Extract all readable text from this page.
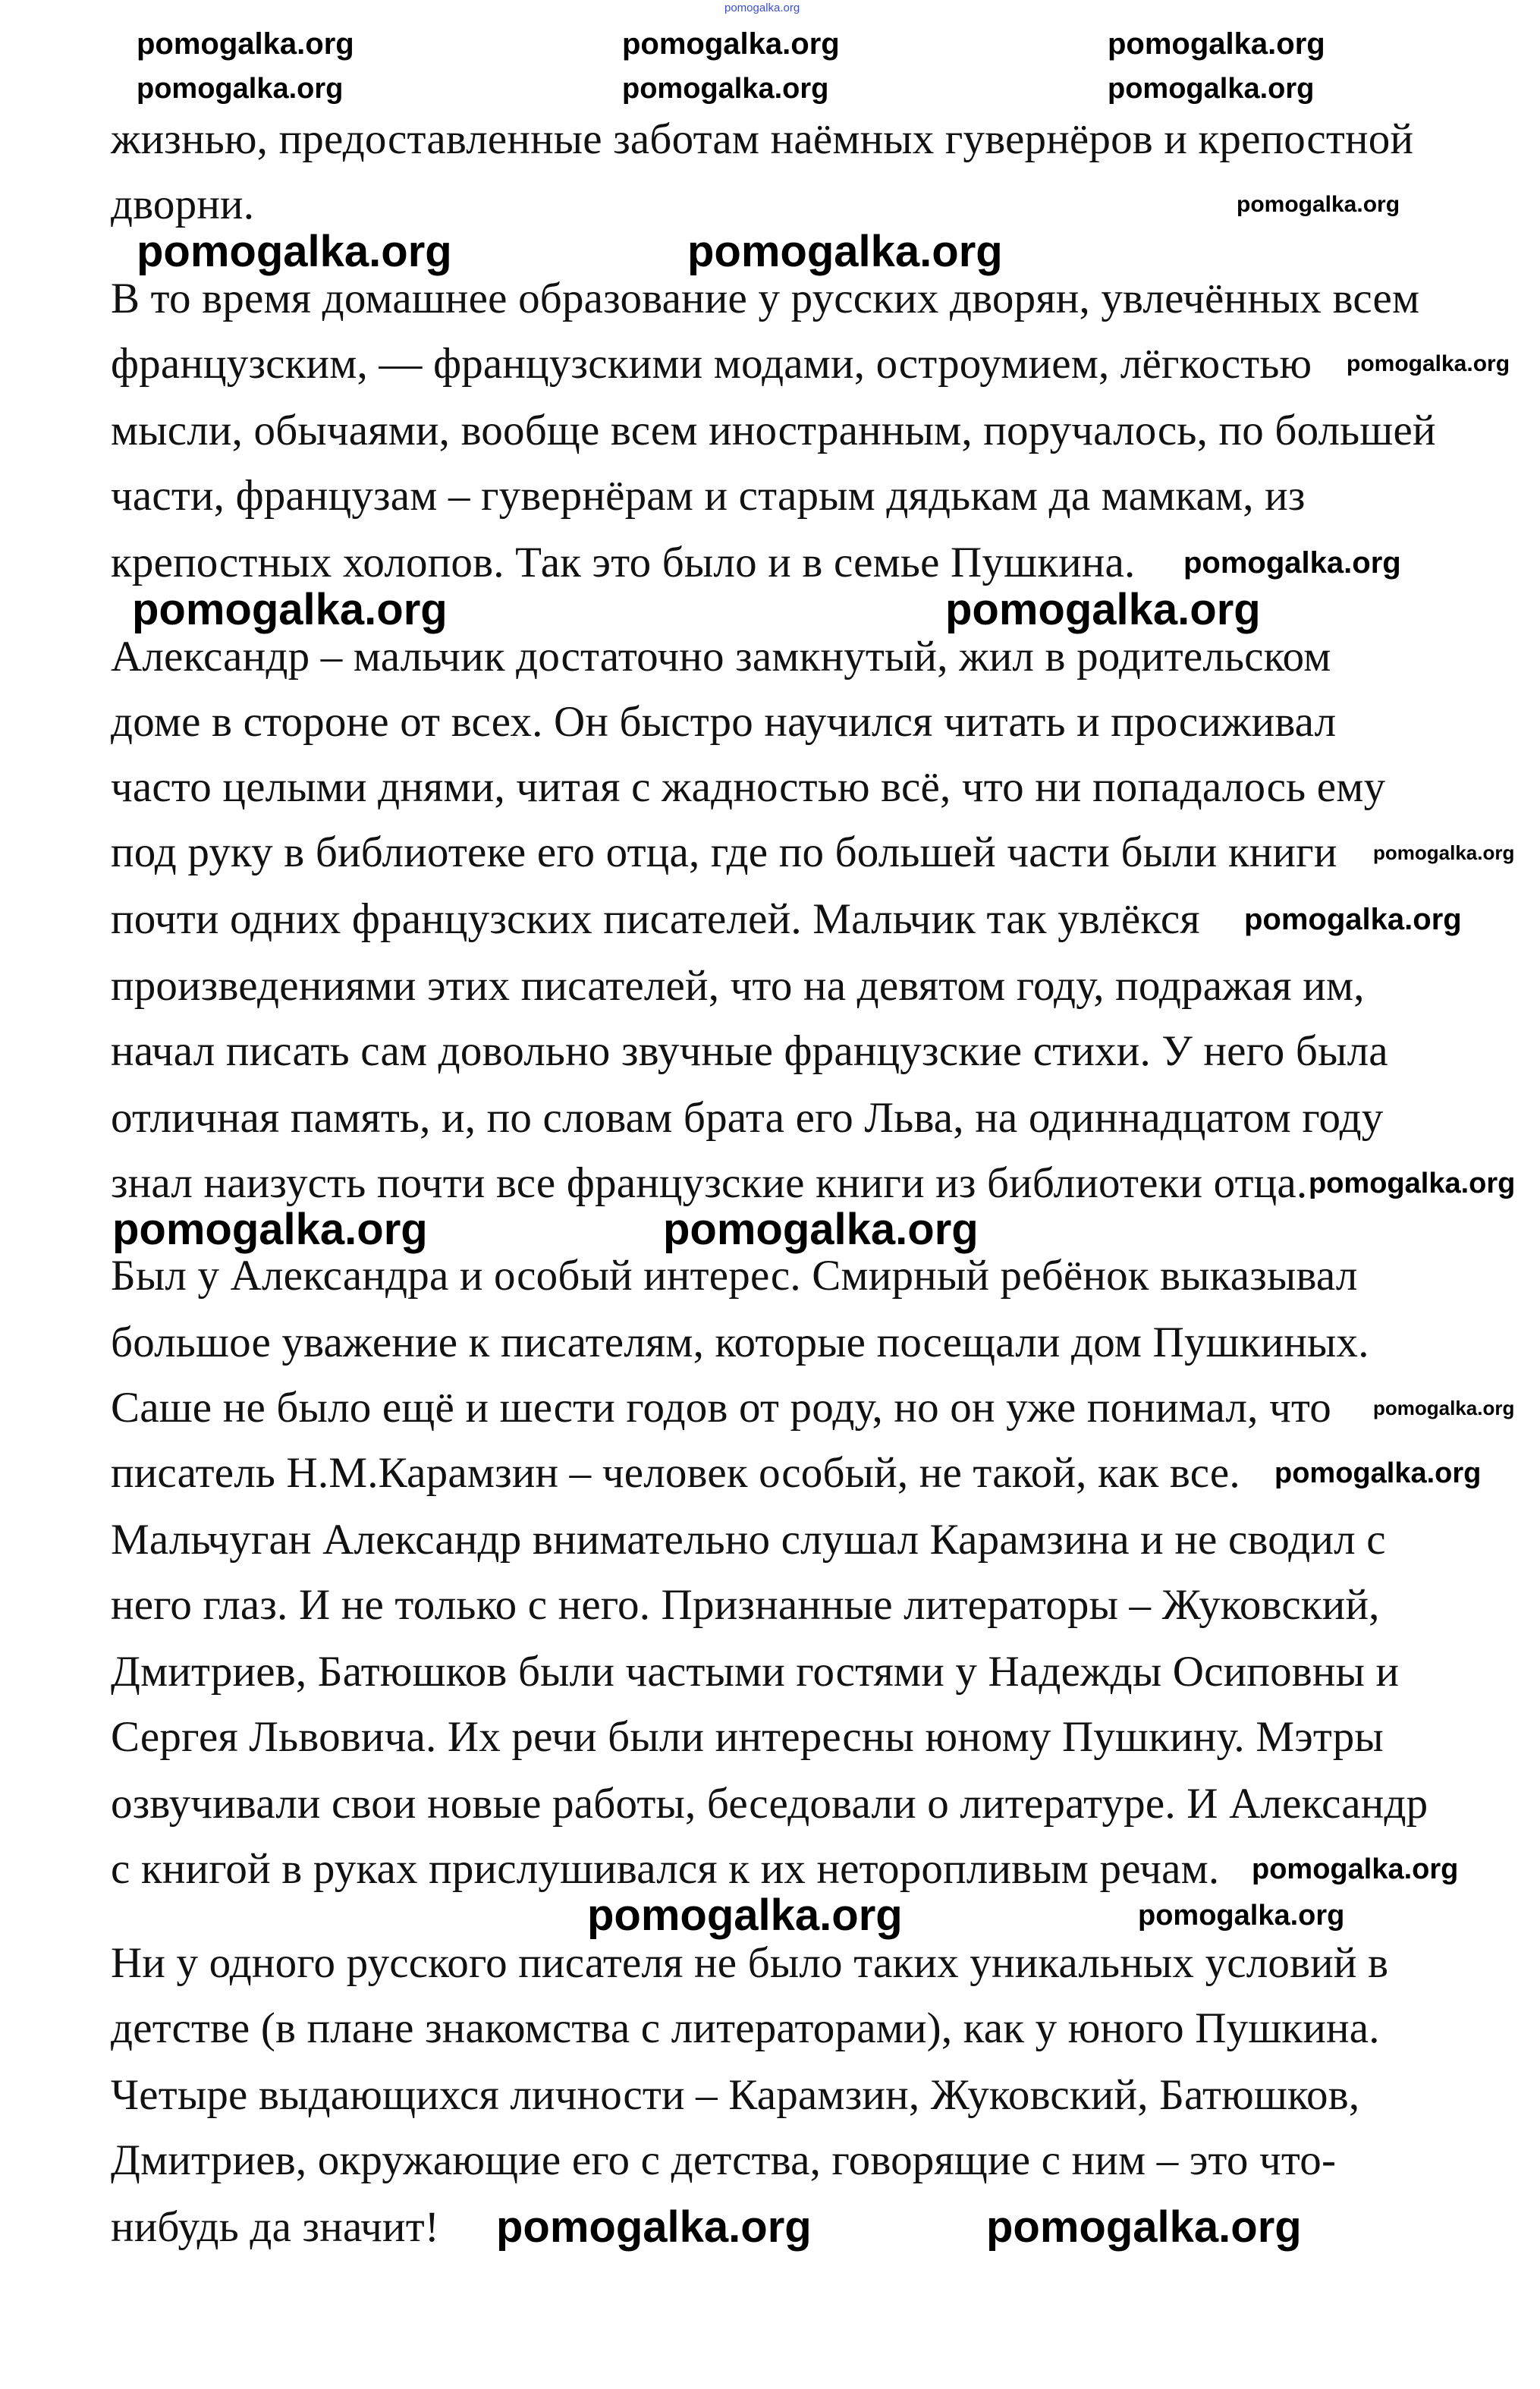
жизнью, предоставленные заботам наёмных гувернёров и крепостной
дворни.
В то время домашнее образование у русских дворян, увлечённых всем
французским, — французскими модами, остроумием, лёгкостью
мысли, обычаями, вообще всем иностранным, поручалось, по большей
части, французам – гувернёрам и старым дядькам да мамкам, из
крепостных холопов. Так это было и в семье Пушкина.
Александр – мальчик достаточно замкнутый, жил в родительском
доме в стороне от всех. Он быстро научился читать и просиживал
часто целыми днями, читая с жадностью всё, что ни попадалось ему
под руку в библиотеке его отца, где по большей части были книги
почти одних французских писателей. Мальчик так увлёкся
произведениями этих писателей, что на девятом году, подражая им,
начал писать сам довольно звучные французские стихи. У него была
отличная память, и, по словам брата его Льва, на одиннадцатом году
знал наизусть почти все французские книги из библиотеки отца.
Был у Александра и особый интерес. Смирный ребёнок выказывал
большое уважение к писателям, которые посещали дом Пушкиных.
Саше не было ещё и шести годов от роду, но он уже понимал, что
писатель Н.М.Карамзин – человек особый, не такой, как все.
Мальчуган Александр внимательно слушал Карамзина и не сводил с
него глаз. И не только с него. Признанные литераторы – Жуковский,
Дмитриев, Батюшков были частыми гостями у Надежды Осиповны и
Сергея Львовича. Их речи были интересны юному Пушкину. Мэтры
озвучивали свои новые работы, беседовали о литературе. И Александр
с книгой в руках прислушивался к их неторопливым речам.
Ни у одного русского писателя не было таких уникальных условий в
детстве (в плане знакомства с литераторами), как у юного Пушкина.
Четыре выдающихся личности – Карамзин, Жуковский, Батюшков,
Дмитриев, окружающие его с детства, говорящие с ним – это что-
нибудь да значит!
pomogalka.org
pomogalka.org	pomogalka.org	pomogalka.org
pomogalka.org	pomogalka.org	pomogalka.org
pomogalka.org
pomogalka.org	pomogalka.org
pomogalka.org
pomogalka.org
pomogalka.org	pomogalka.org
pomogalka.org
pomogalka.org
pomogalka.org
pomogalka.org	pomogalka.org
pomogalka.org
pomogalka.org
pomogalka.org
pomogalka.org	pomogalka.org
pomogalka.org	pomogalka.org
